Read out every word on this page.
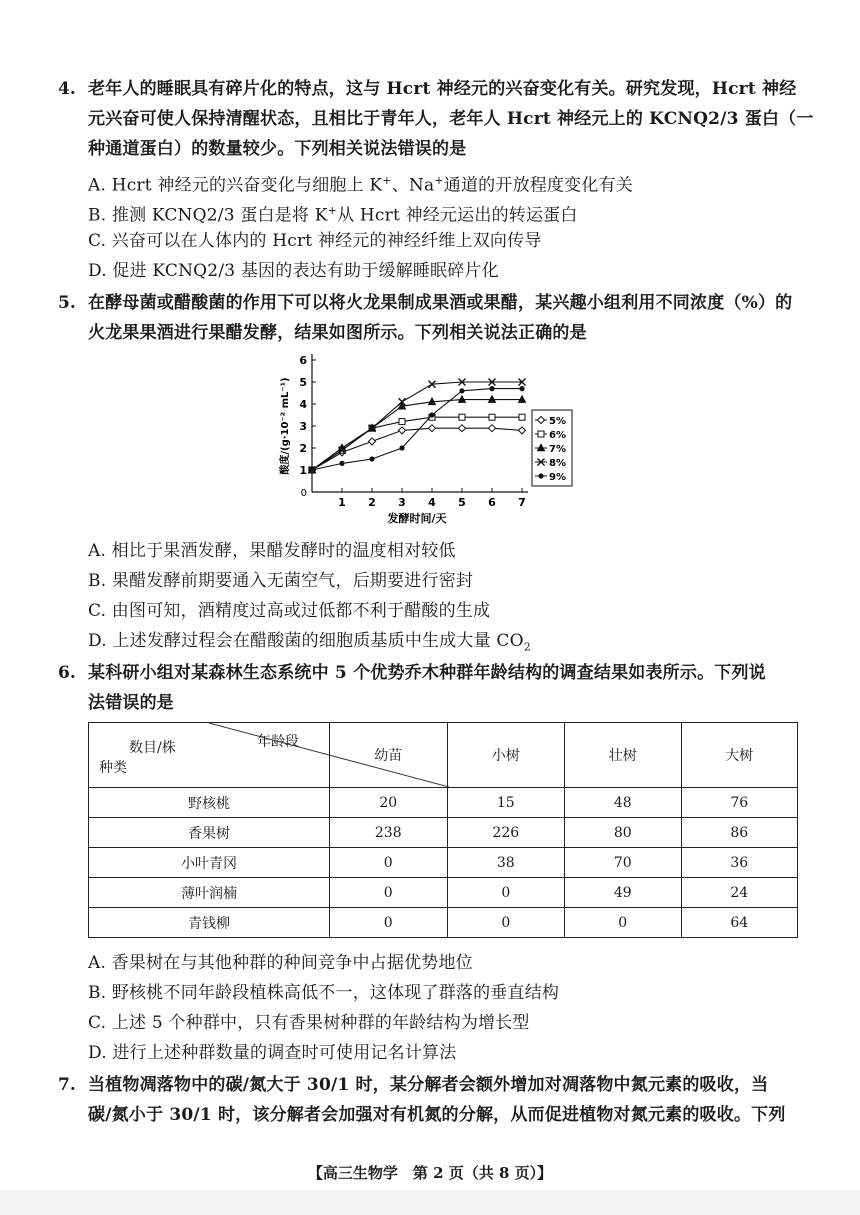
4. 老年人的睡眠具有碎片化的特点，这与 Hcrt 神经元的兴奋变化有关。研究发现，Hcrt 神经
元兴奋可使人保持清醒状态，且相比于青年人，老年人 Hcrt 神经元上的 KCNQ2/3 蛋白（一
种通道蛋白）的数量较少。下列相关说法错误的是
A. Hcrt 神经元的兴奋变化与细胞上 K+、Na+通道的开放程度变化有关
B. 推测 KCNQ2/3 蛋白是将 K+从 Hcrt 神经元运出的转运蛋白
C. 兴奋可以在人体内的 Hcrt 神经元的神经纤维上双向传导
D. 促进 KCNQ2/3 基因的表达有助于缓解睡眠碎片化
5. 在酵母菌或醋酸菌的作用下可以将火龙果制成果酒或果醋，某兴趣小组利用不同浓度（%）的
火龙果果酒进行果醋发酵，结果如图所示。下列相关说法正确的是
1 2 3 4 5 6 7
1
2
3
4
5
6
0
发酵时间/天
酸度/(g·10⁻² mL⁻¹)	5%
6%
7%
8%
9%
A. 相比于果酒发酵，果醋发酵时的温度相对较低
B. 果醋发酵前期要通入无菌空气，后期要进行密封
C. 由图可知，酒精度过高或过低都不利于醋酸的生成
D. 上述发酵过程会在醋酸菌的细胞质基质中生成大量 $CO_2$
6. 某科研小组对某森林生态系统中 5 个优势乔木种群年龄结构的调查结果如表所示。下列说
法错误的是
年龄段
数目/株
种类	幼苗	小树	壮树	大树
野核桃	20	15	48	76
香果树	238	226	80	86
小叶青冈	0	38	70	36
薄叶润楠	0	0	49	24
青钱柳	0	0	0	64
A. 香果树在与其他种群的种间竞争中占据优势地位
B. 野核桃不同年龄段植株高低不一，这体现了群落的垂直结构
C. 上述 5 个种群中，只有香果树种群的年龄结构为增长型
D. 进行上述种群数量的调查时可使用记名计算法
7. 当植物凋落物中的碳/氮大于 30/1 时，某分解者会额外增加对凋落物中氮元素的吸收，当
碳/氮小于 30/1 时，该分解者会加强对有机氮的分解，从而促进植物对氮元素的吸收。下列
【高三生物学　第 2 页（共 8 页）】
